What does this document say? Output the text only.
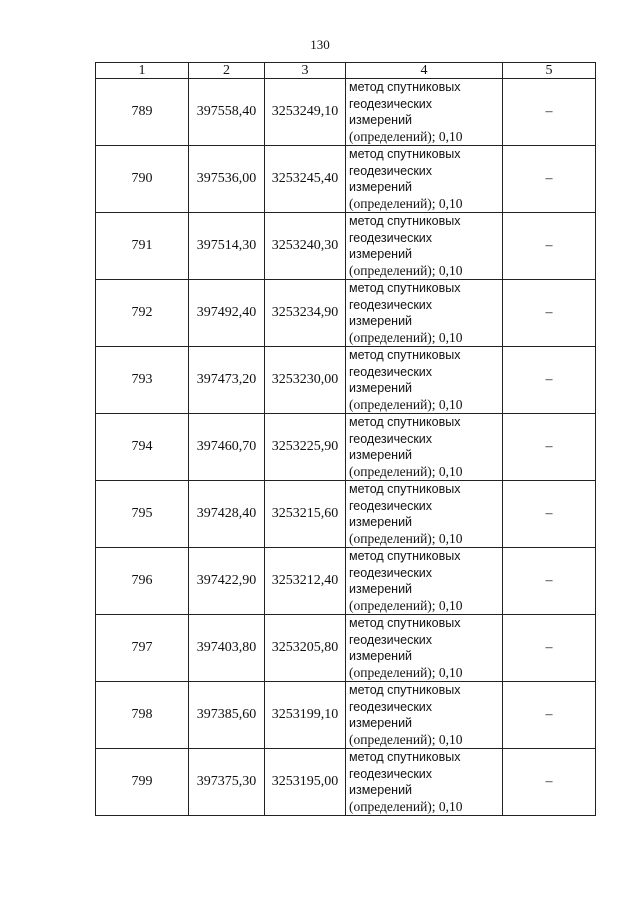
130
1	2	3	4	5
789	397558,40	3253249,10	метод спутниковых
геодезических
измерений
(определений); 0,10	–
790	397536,00	3253245,40	метод спутниковых
геодезических
измерений
(определений); 0,10	–
791	397514,30	3253240,30	метод спутниковых
геодезических
измерений
(определений); 0,10	–
792	397492,40	3253234,90	метод спутниковых
геодезических
измерений
(определений); 0,10	–
793	397473,20	3253230,00	метод спутниковых
геодезических
измерений
(определений); 0,10	–
794	397460,70	3253225,90	метод спутниковых
геодезических
измерений
(определений); 0,10	–
795	397428,40	3253215,60	метод спутниковых
геодезических
измерений
(определений); 0,10	–
796	397422,90	3253212,40	метод спутниковых
геодезических
измерений
(определений); 0,10	–
797	397403,80	3253205,80	метод спутниковых
геодезических
измерений
(определений); 0,10	–
798	397385,60	3253199,10	метод спутниковых
геодезических
измерений
(определений); 0,10	–
799	397375,30	3253195,00	метод спутниковых
геодезических
измерений
(определений); 0,10	–
